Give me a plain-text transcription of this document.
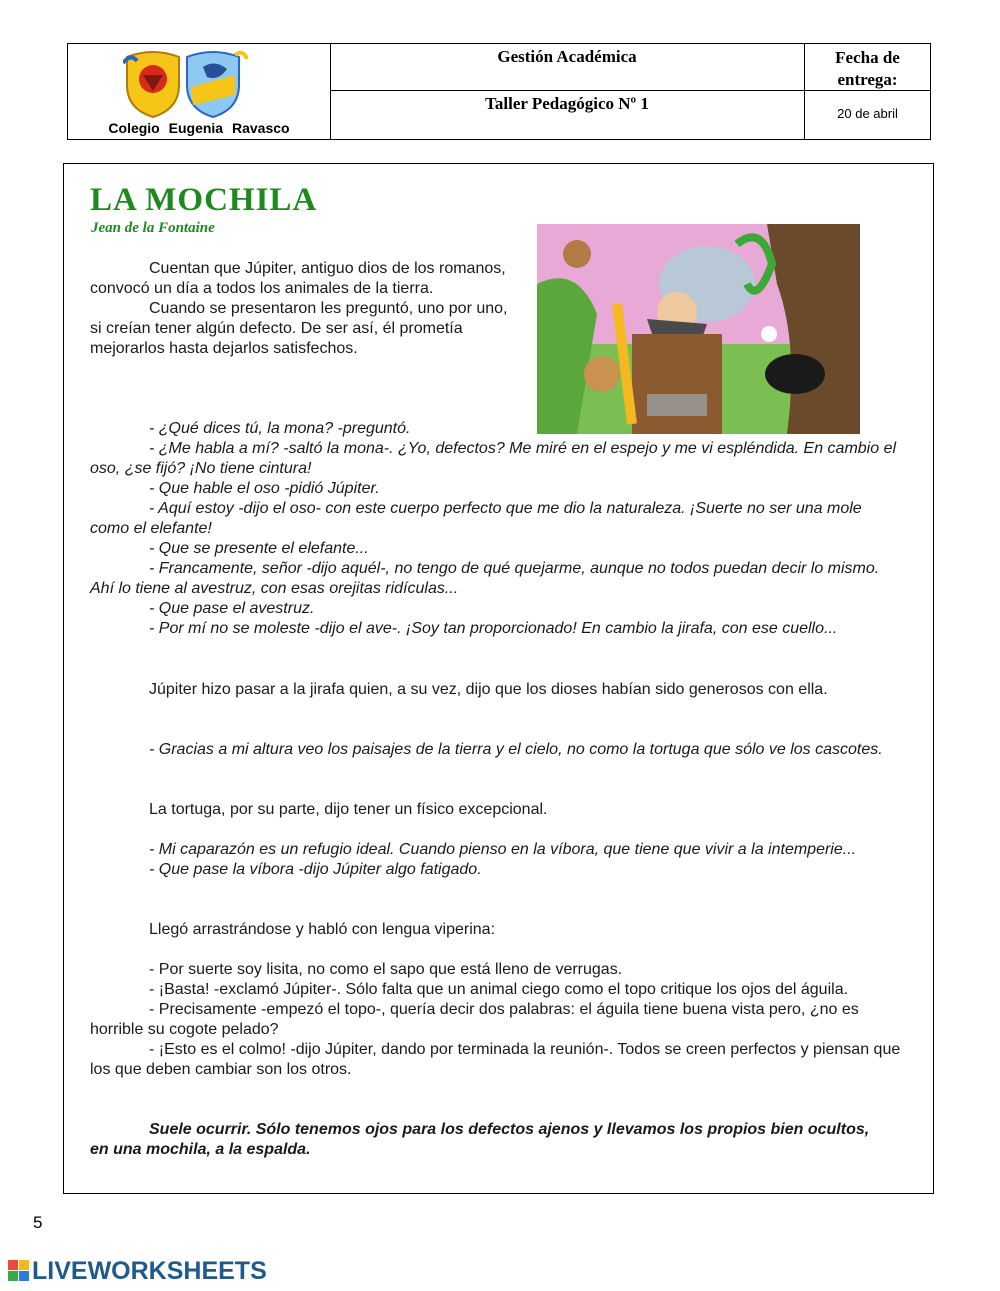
Colegio Eugenia Ravasco
Gestión Académica
Taller Pedagógico Nº 1
Fecha de entrega:
20 de abril
LA MOCHILA
Jean de la Fontaine
Cuentan que Júpiter, antiguo dios de los romanos, convocó un día a todos los animales de la tierra.
Cuando se presentaron les preguntó, uno por uno, si creían tener algún defecto. De ser así, él prometía mejorarlos hasta dejarlos satisfechos.
- ¿Qué dices tú, la mona? -preguntó.
- ¿Me habla a mí? -saltó la mona-. ¿Yo, defectos? Me miré en el espejo y me vi espléndida. En cambio el oso, ¿se fijó? ¡No tiene cintura!
- Que hable el oso -pidió Júpiter.
- Aquí estoy -dijo el oso- con este cuerpo perfecto que me dio la naturaleza. ¡Suerte no ser una mole como el elefante!
- Que se presente el elefante...
- Francamente, señor -dijo aquél-, no tengo de qué quejarme, aunque no todos puedan decir lo mismo. Ahí lo tiene al avestruz, con esas orejitas ridículas...
- Que pase el avestruz.
- Por mí no se moleste -dijo el ave-. ¡Soy tan proporcionado! En cambio la jirafa, con ese cuello...
Júpiter hizo pasar a la jirafa quien, a su vez, dijo que los dioses habían sido generosos con ella.
- Gracias a mi altura veo los paisajes de la tierra y el cielo, no como la tortuga que sólo ve los cascotes.
La tortuga, por su parte, dijo tener un físico excepcional.
- Mi caparazón es un refugio ideal. Cuando pienso en la víbora, que tiene que vivir a la intemperie...
- Que pase la víbora -dijo Júpiter algo fatigado.
Llegó arrastrándose y habló con lengua viperina:
- Por suerte soy lisita, no como el sapo que está lleno de verrugas.
- ¡Basta! -exclamó Júpiter-. Sólo falta que un animal ciego como el topo critique los ojos del águila.
- Precisamente -empezó el topo-, quería decir dos palabras: el águila tiene buena vista pero, ¿no es horrible su cogote pelado?
- ¡Esto es el colmo! -dijo Júpiter, dando por terminada la reunión-. Todos se creen perfectos y piensan que los que deben cambiar son los otros.
Suele ocurrir. Sólo tenemos ojos para los defectos ajenos y llevamos los propios bien ocultos, en una mochila, a la espalda.
5
LIVEWORKSHEETS
